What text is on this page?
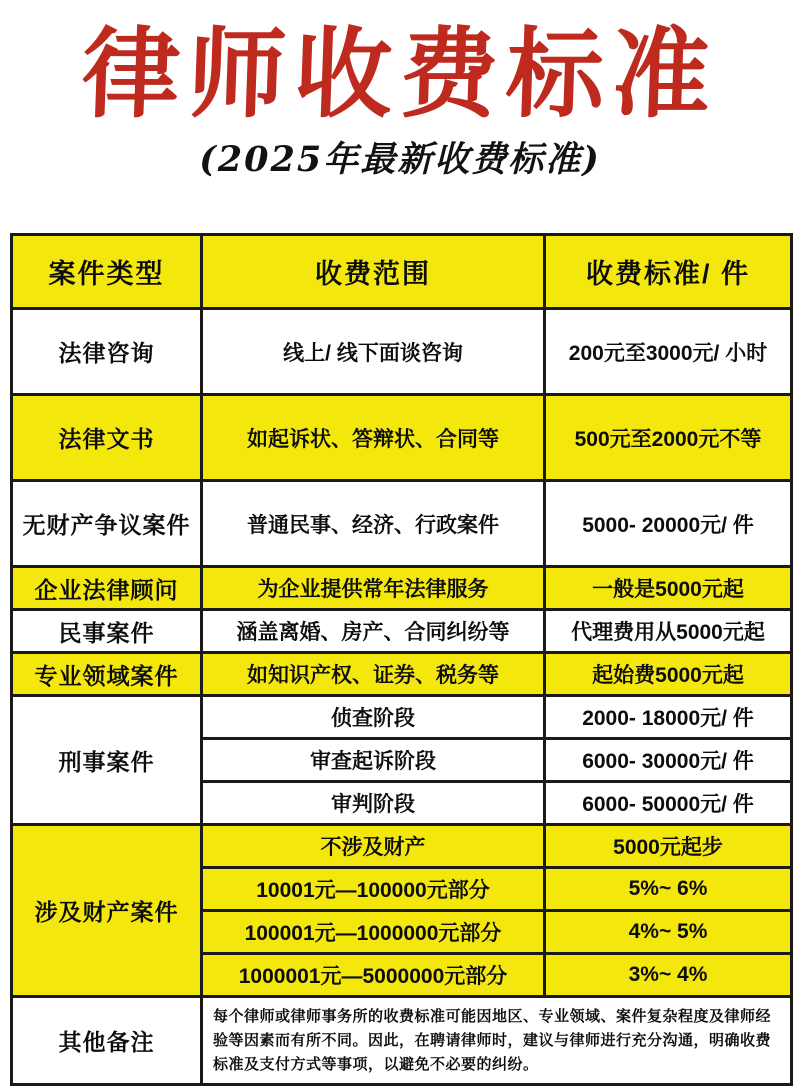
律师收费标准
(2025年最新收费标准)
案件类型	收费范围	收费标准/ 件
法律咨询	线上/ 线下面谈咨询	200元至3000元/ 小时
法律文书	如起诉状、答辩状、合同等	500元至2000元不等
无财产争议案件	普通民事、经济、行政案件	5000- 20000元/ 件
企业法律顾问	为企业提供常年法律服务	一般是5000元起
民事案件	涵盖离婚、房产、合同纠纷等	代理费用从5000元起
专业领域案件	如知识产权、证券、税务等	起始费5000元起
刑事案件	侦查阶段	2000- 18000元/ 件
	审查起诉阶段	6000- 30000元/ 件
	审判阶段	6000- 50000元/ 件
涉及财产案件	不涉及财产	5000元起步
	10001元—100000元部分	5%~ 6%
	100001元—1000000元部分	4%~ 5%
	1000001元—5000000元部分	3%~ 4%
其他备注	每个律师或律师事务所的收费标准可能因地区、专业领域、案件复杂程度及律师经验等因素而有所不同。因此，在聘请律师时，建议与律师进行充分沟通，明确收费标准及支付方式等事项，以避免不必要的纠纷。	
